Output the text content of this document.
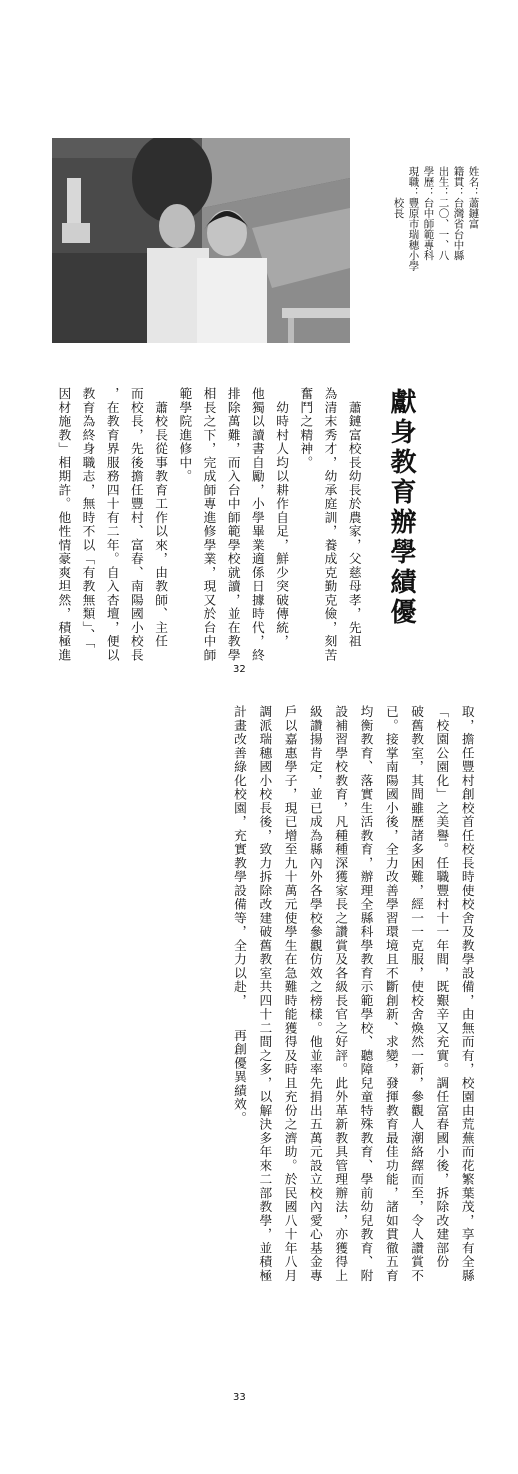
姓名：蕭鏈富
籍貫：台灣省台中縣
出生：二〇、一、八
學歷：台中師範專科
現職：豐原市瑞穗小學
　　　校長
獻身教育辦學績優
　蕭鏈富校長幼長於農家，父慈母孝，先祖
為清末秀才，幼承庭訓，養成克勤克儉，刻苦
奮鬥之精神。
　幼時村人均以耕作自足，鮮少突破傳統，
他獨以讀書自勵，小學畢業適係日據時代，終
排除萬難，而入台中師範學校就讀，並在教學
相長之下，完成師專進修學業，現又於台中師
範學院進修中。
　蕭校長從事教育工作以來，由教師、主任
而校長，先後擔任豐村、富春、南陽國小校長
，在教育界服務四十有二年。自入杏壇，便以
教育為終身職志，無時不以「有教無類」、「
因材施教」相期許。他性情豪爽坦然，積極進
32
取，擔任豐村創校首任校長時使校舍及教學設備，由無而有，校園由荒蕪而花繁葉茂，享有全縣
「校園公園化」之美譽。任職豐村十一年間，既艱辛又充實。調任富春國小後，拆除改建部份
破舊教室，其間雖歷諸多困難，經一一克服，使校舍煥然一新，參觀人潮絡繹而至，令人讚賞不
已。接掌南陽國小後，全力改善學習環境且不斷創新、求變，發揮教育最佳功能，諸如貫徹五育
均衡教育、落實生活教育，辦理全縣科學教育示範學校、聽障兒童特殊教育、學前幼兒教育、附
設補習學校教育，凡種種深獲家長之讚賞及各級長官之好評。此外革新教具管理辦法，亦獲得上
級讚揚肯定，並已成為縣內外各學校參觀仿效之榜樣。他並率先捐出五萬元設立校內愛心基金專
戶以嘉惠學子，現已增至九十萬元使學生在急難時能獲得及時且充份之濟助。於民國八十年八月
調派瑞穗國小校長後，致力拆除改建破舊教室共四十二間之多，以解決多年來二部教學，並積極
計畫改善綠化校園，充實教學設備等，全力以赴，　　再創優異績效。
33
